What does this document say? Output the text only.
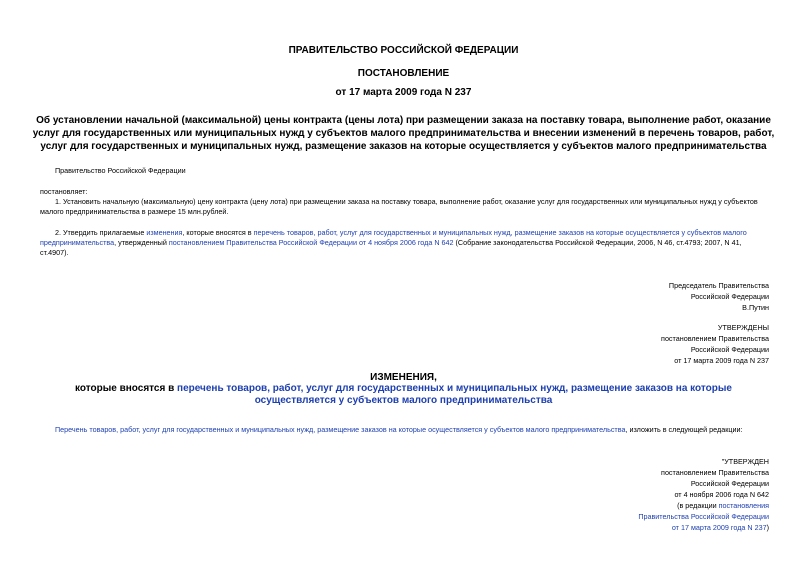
ПРАВИТЕЛЬСТВО РОССИЙСКОЙ ФЕДЕРАЦИИ
ПОСТАНОВЛЕНИЕ
от 17 марта 2009 года N 237
Об установлении начальной (максимальной) цены контракта (цены лота) при размещении заказа на поставку товара, выполнение работ, оказание услуг для государственных или муниципальных нужд у субъектов малого предпринимательства и внесении изменений в перечень товаров, работ, услуг для государственных и муниципальных нужд, размещение заказов на которые осуществляется у субъектов малого предпринимательства
Правительство Российской Федерации
постановляет:
1. Установить начальную (максимальную) цену контракта (цену лота) при размещении заказа на поставку товара, выполнение работ, оказание услуг для государственных или муниципальных нужд у субъектов малого предпринимательства в размере 15 млн.рублей.
2. Утвердить прилагаемые изменения, которые вносятся в перечень товаров, работ, услуг для государственных и муниципальных нужд, размещение заказов на которые осуществляется у субъектов малого предпринимательства, утвержденный постановлением Правительства Российской Федерации от 4 ноября 2006 года N 642 (Собрание законодательства Российской Федерации, 2006, N 46, ст.4793; 2007, N 41, ст.4907).
Председатель Правительства
Российской Федерации
В.Путин
УТВЕРЖДЕНЫ
постановлением Правительства
Российской Федерации
от 17 марта 2009 года N 237
ИЗМЕНЕНИЯ,
которые вносятся в перечень товаров, работ, услуг для государственных и муниципальных нужд, размещение заказов на которые осуществляется у субъектов малого предпринимательства
Перечень товаров, работ, услуг для государственных и муниципальных нужд, размещение заказов на которые осуществляется у субъектов малого предпринимательства, изложить в следующей редакции:
"УТВЕРЖДЕН
постановлением Правительства
Российской Федерации
от 4 ноября 2006 года N 642
(в редакции постановления
Правительства Российской Федерации
от 17 марта 2009 года N 237)
